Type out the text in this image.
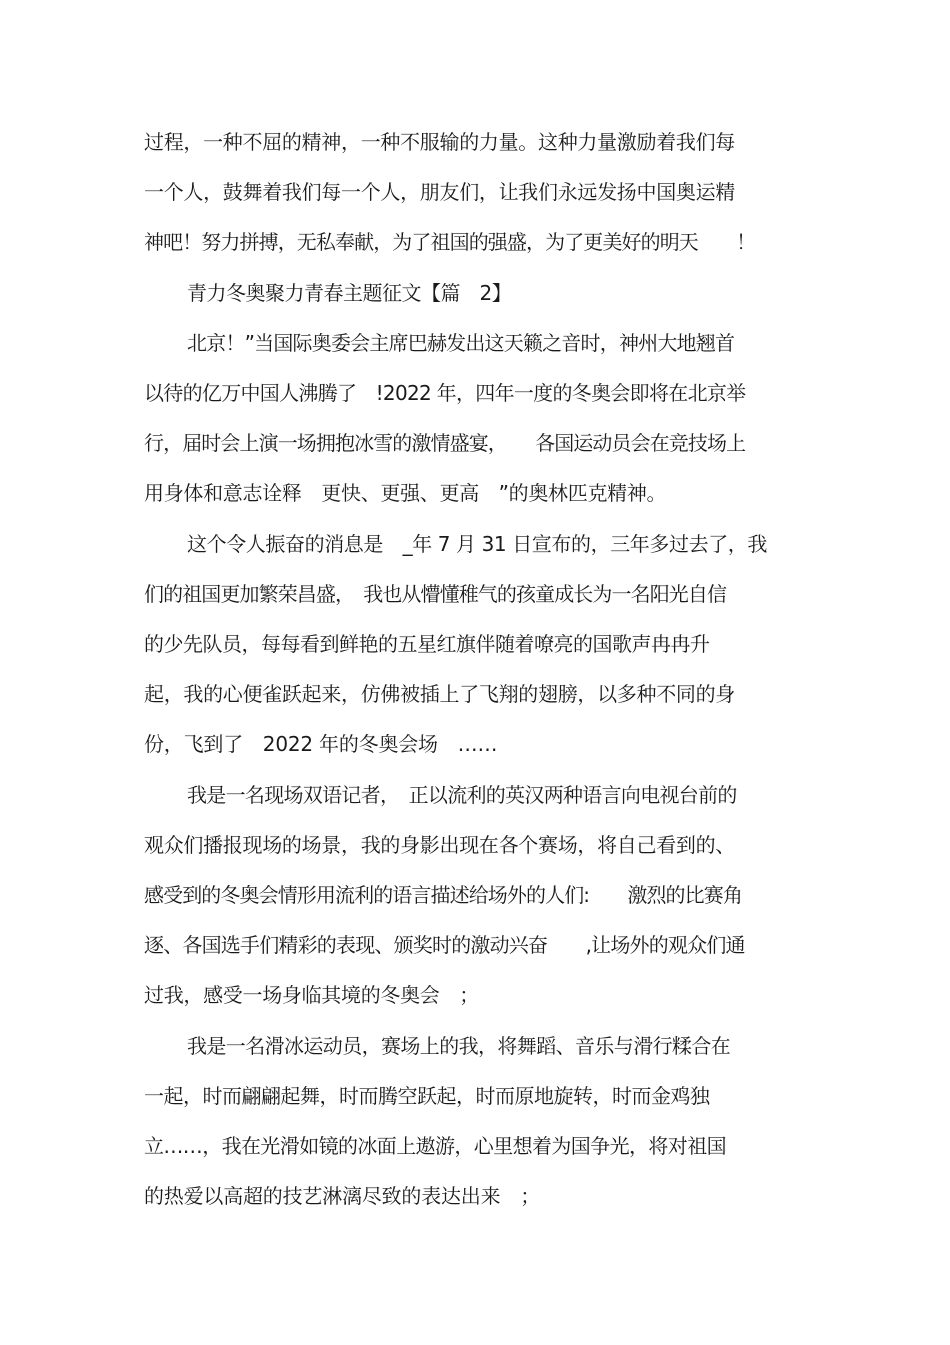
过程，一种不屈的精神，一种不服输的力量。这种力量激励着我们每
一个人，鼓舞着我们每一个人，朋友们，让我们永远发扬中国奥运精
神吧！努力拼搏，无私奉献，为了祖国的强盛，为了更美好的明天　　！
青力冬奥聚力青春主题征文【篇　2】
北京！”当国际奥委会主席巴赫发出这天籁之音时，神州大地翘首
以待的亿万中国人沸腾了　!2022 年，四年一度的冬奥会即将在北京举
行，届时会上演一场拥抱冰雪的激情盛宴，　　各国运动员会在竞技场上
用身体和意志诠释　更快、更强、更高　”的奥林匹克精神。
这个令人振奋的消息是　_年 7 月 31 日宣布的，三年多过去了，我
们的祖国更加繁荣昌盛，　我也从懵懂稚气的孩童成长为一名阳光自信
的少先队员，每每看到鲜艳的五星红旗伴随着嘹亮的国歌声冉冉升
起，我的心便雀跃起来，仿佛被插上了飞翔的翅膀，以多种不同的身
份，飞到了　2022 年的冬奥会场　……
我是一名现场双语记者，　正以流利的英汉两种语言向电视台前的
观众们播报现场的场景，我的身影出现在各个赛场，将自己看到的、
感受到的冬奥会情形用流利的语言描述给场外的人们:　　激烈的比赛角
逐、各国选手们精彩的表现、颁奖时的激动兴奋　　,让场外的观众们通
过我，感受一场身临其境的冬奥会　；
我是一名滑冰运动员，赛场上的我，将舞蹈、音乐与滑行糅合在
一起，时而翩翩起舞，时而腾空跃起，时而原地旋转，时而金鸡独
立……，我在光滑如镜的冰面上遨游，心里想着为国争光，将对祖国
的热爱以高超的技艺淋漓尽致的表达出来　；
